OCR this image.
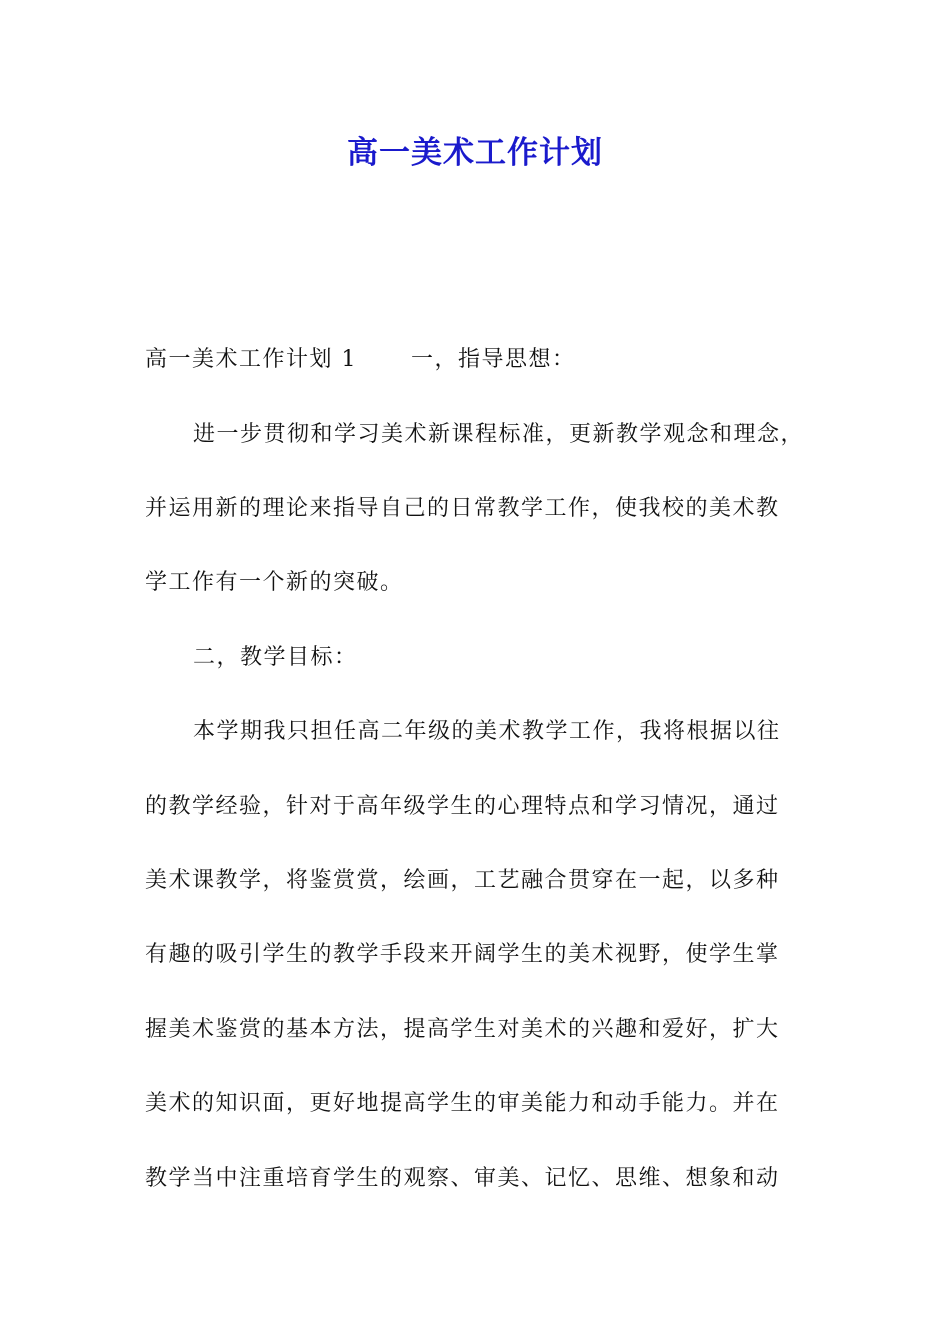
高一美术工作计划
高一美术工作计划 1 一，指导思想：
进一步贯彻和学习美术新课程标准，更新教学观念和理念，
并运用新的理论来指导自己的日常教学工作，使我校的美术教
学工作有一个新的突破。
二，教学目标：
本学期我只担任高二年级的美术教学工作，我将根据以往
的教学经验，针对于高年级学生的心理特点和学习情况，通过
美术课教学，将鉴赏赏，绘画，工艺融合贯穿在一起，以多种
有趣的吸引学生的教学手段来开阔学生的美术视野，使学生掌
握美术鉴赏的基本方法，提高学生对美术的兴趣和爱好，扩大
美术的知识面，更好地提高学生的审美能力和动手能力。并在
教学当中注重培育学生的观察、审美、记忆、思维、想象和动
